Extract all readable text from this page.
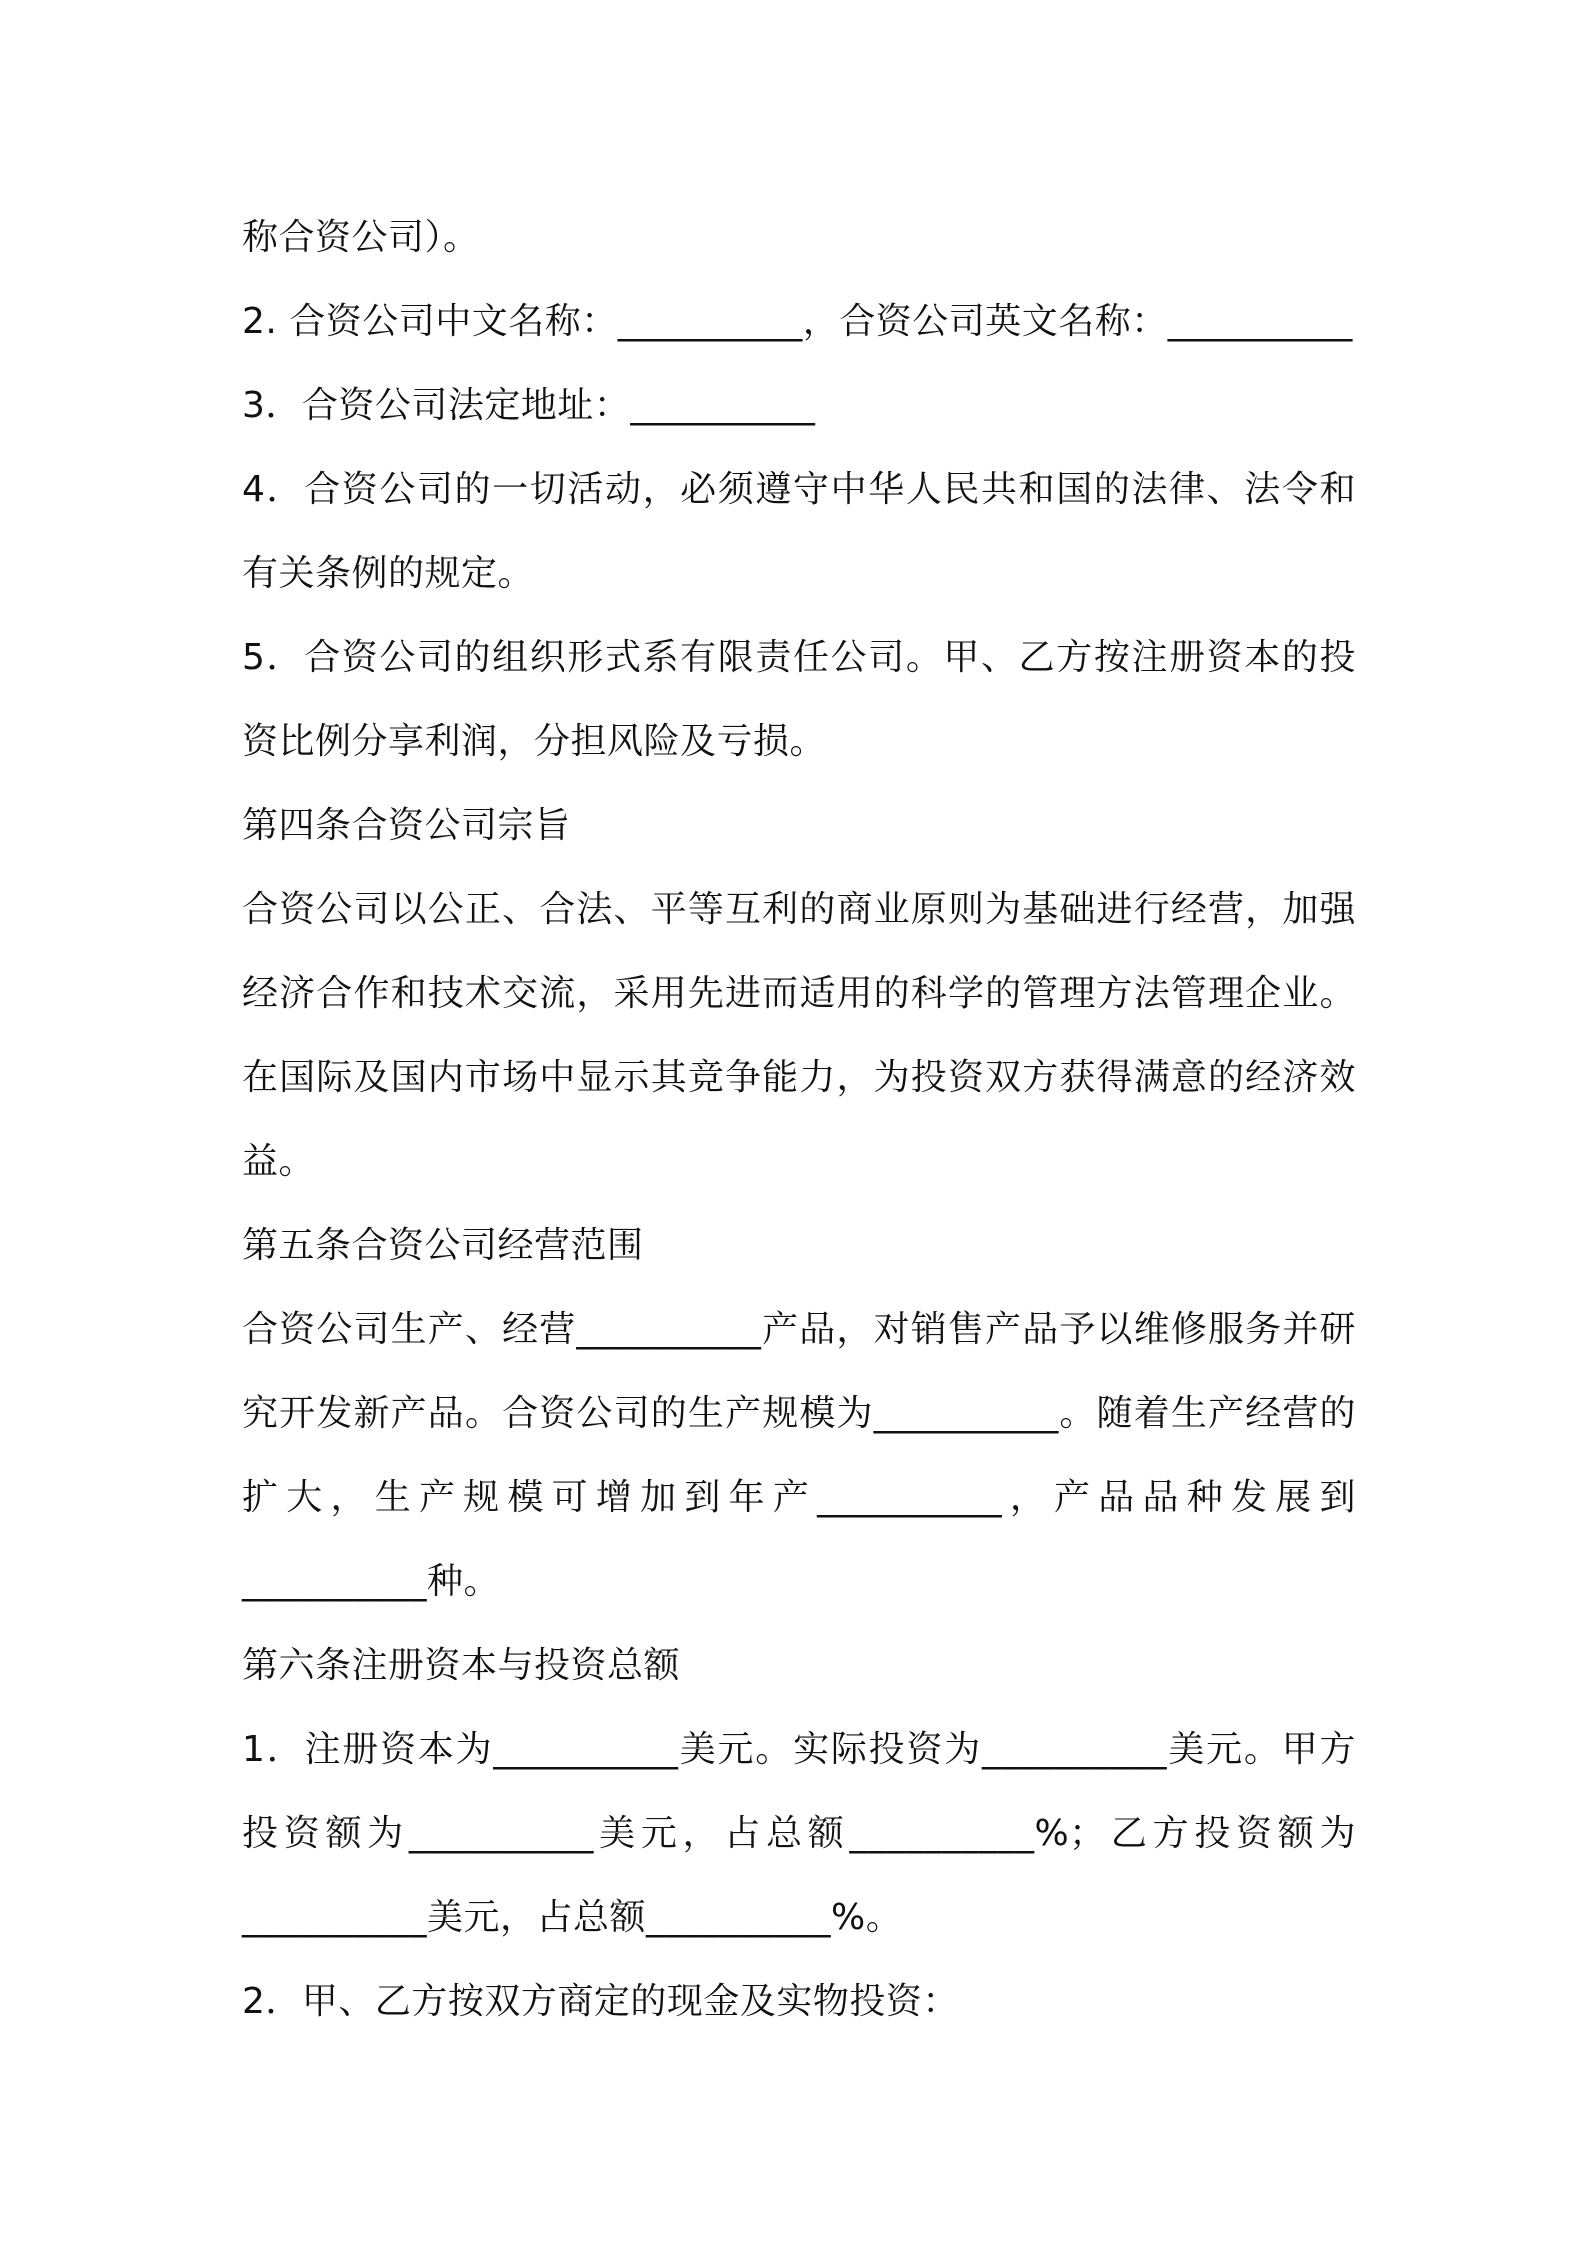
称合资公司）。
2. 合资公司中文名称：__________，合资公司英文名称：__________
3．合资公司法定地址：__________
4．合资公司的一切活动，必须遵守中华人民共和国的法律、法令和
有关条例的规定。
5．合资公司的组织形式系有限责任公司。甲、乙方按注册资本的投
资比例分享利润，分担风险及亏损。
第四条合资公司宗旨
合资公司以公正、合法、平等互利的商业原则为基础进行经营，加强
经济合作和技术交流，采用先进而适用的科学的管理方法管理企业。
在国际及国内市场中显示其竞争能力，为投资双方获得满意的经济效
益。
第五条合资公司经营范围
合资公司生产、经营__________产品，对销售产品予以维修服务并研
究开发新产品。合资公司的生产规模为__________。随着生产经营的
扩大，生产规模可增加到年产__________，产品品种发展到
__________种。
第六条注册资本与投资总额
1．注册资本为__________美元。实际投资为__________美元。甲方
投资额为__________美元，占总额__________%；乙方投资额为
__________美元，占总额__________%。
2．甲、乙方按双方商定的现金及实物投资：
